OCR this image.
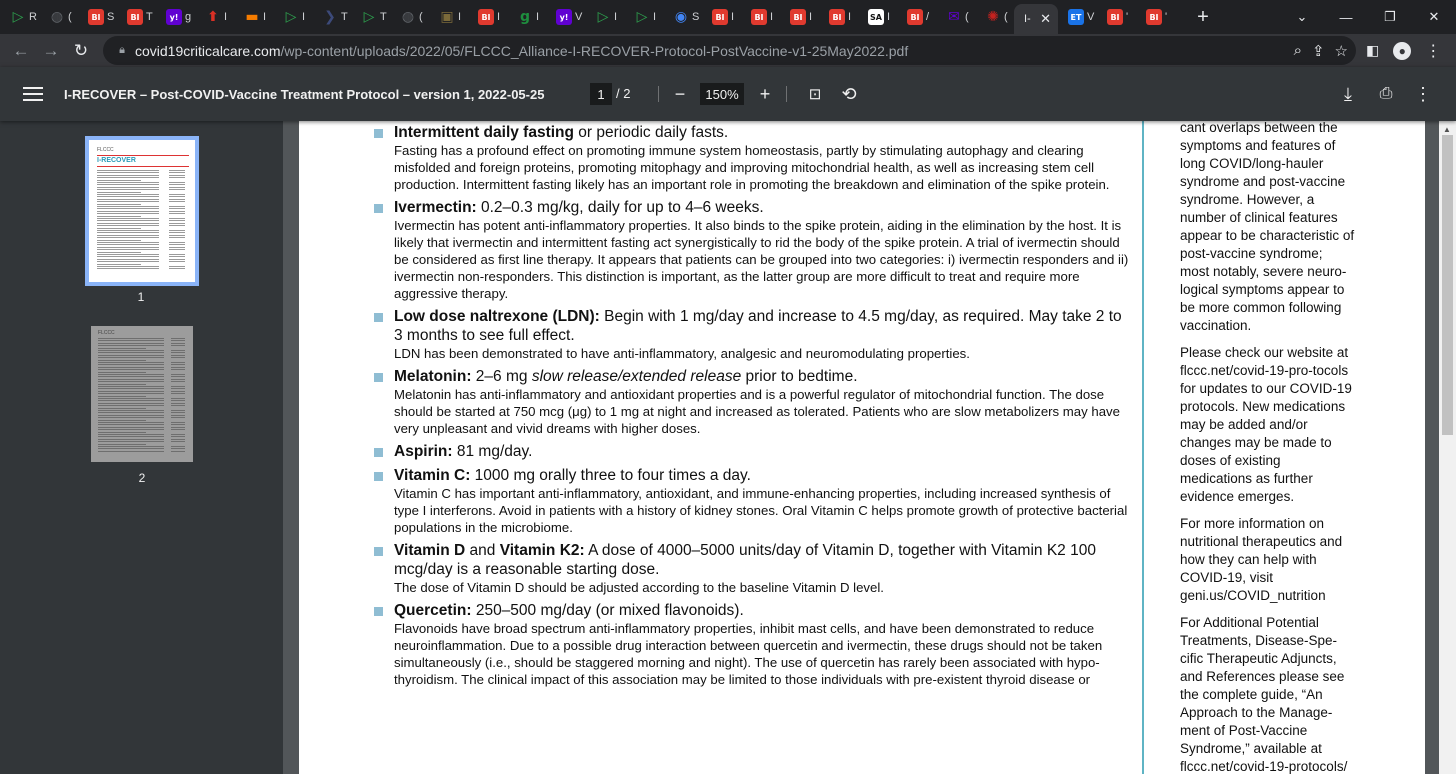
▷ R ◍ (	BI S	BI T	y! g ⬆ I	▬ I	▷ I	❯ T ▷ T ◍ (	▣ I	BI I	g I	y! V ▷ I	▷ I	◉ S	BI I	BI I	BI I	BI I	SA I	BI /	✉ (	✺ (	I- ✕	ET V	BI '	BI '	+	⌄	—	❐	✕
← → ↻	🔒︎ covid19criticalcare.com/wp-content/uploads/2022/05/FLCCC_Alliance-I-RECOVER-Protocol-PostVaccine-v1-25May2022.pdf	⌕ ⇪ ☆ ◧	●	⋮
I-RECOVER – Post-COVID-Vaccine Treatment Protocol – version 1, 2022-05-25	1 / 2	−	150%	+	⊡	⟲	⤓	⎙	⋮
FLCCC
I-RECOVER
1
FLCCC
2
Intermittent daily fasting or periodic daily fasts.
Fasting has a profound effect on promoting immune system homeostasis, partly by stimulating autophagy and clearing misfolded and foreign proteins, promoting mitophagy and improving mitochondrial health, as well as increasing stem cell production. Intermittent fasting likely has an important role in promoting the breakdown and elimination of the spike protein.
Ivermectin: 0.2–0.3 mg/kg, daily for up to 4–6 weeks.
Ivermectin has potent anti-inflammatory properties. It also binds to the spike protein, aiding in the elimination by the host. It is likely that ivermectin and intermittent fasting act synergistically to rid the body of the spike protein. A trial of ivermectin should be considered as first line therapy. It appears that patients can be grouped into two categories: i) ivermectin responders and ii) ivermectin non-responders. This distinction is important, as the latter group are more difficult to treat and require more aggressive therapy.
Low dose naltrexone (LDN): Begin with 1 mg/day and increase to 4.5 mg/day, as required. May take 2 to 3 months to see full effect.
LDN has been demonstrated to have anti-inflammatory, analgesic and neuromodulating properties.
Melatonin: 2–6 mg slow release/extended release prior to bedtime.
Melatonin has anti-inflammatory and antioxidant properties and is a powerful regulator of mitochondrial function. The dose should be started at 750 mcg (μg) to 1 mg at night and increased as tolerated. Patients who are slow metabolizers may have very unpleasant and vivid dreams with higher doses.
Aspirin: 81 mg/day.
Vitamin C: 1000 mg orally three to four times a day.
Vitamin C has important anti-inflammatory, antioxidant, and immune-enhancing properties, including increased synthesis of type I interferons. Avoid in patients with a history of kidney stones. Oral Vitamin C helps promote growth of protective bacterial populations in the microbiome.
Vitamin D and Vitamin K2: A dose of 4000–5000 units/day of Vitamin D, together with Vitamin K2 100 mcg/day is a reasonable starting dose.
The dose of Vitamin D should be adjusted according to the baseline Vitamin D level.
Quercetin: 250–500 mg/day (or mixed flavonoids).
Flavonoids have broad spectrum anti-inflammatory properties, inhibit mast cells, and have been demonstrated to reduce neuroinflammation. Due to a possible drug interaction between quercetin and ivermectin, these drugs should not be taken simultaneously (i.e., should be staggered morning and night). The use of quercetin has rarely been associated with hypo-thyroidism. The clinical impact of this association may be limited to those individuals with pre-existent thyroid disease or

cant overlaps between the symptoms and features of long COVID/long-hauler syndrome and post-vaccine syndrome. However, a number of clinical features appear to be characteristic of post-vaccine syndrome; most notably, severe neuro-logical symptoms appear to be more common following vaccination.

Please check our website at flccc.net/covid-19-pro-tocols for updates to our COVID-19 protocols. New medications may be added and/or changes may be made to doses of existing medications as further evidence emerges.

For more information on nutritional therapeutics and how they can help with COVID-19, visit geni.us/COVID_nutrition

For Additional Potential Treatments, Disease-Spe-cific Therapeutic Adjuncts, and References please see the complete guide, “An Approach to the Manage-ment of Post-Vaccine Syndrome,” available at flccc.net/covid-19-protocols/

▲
